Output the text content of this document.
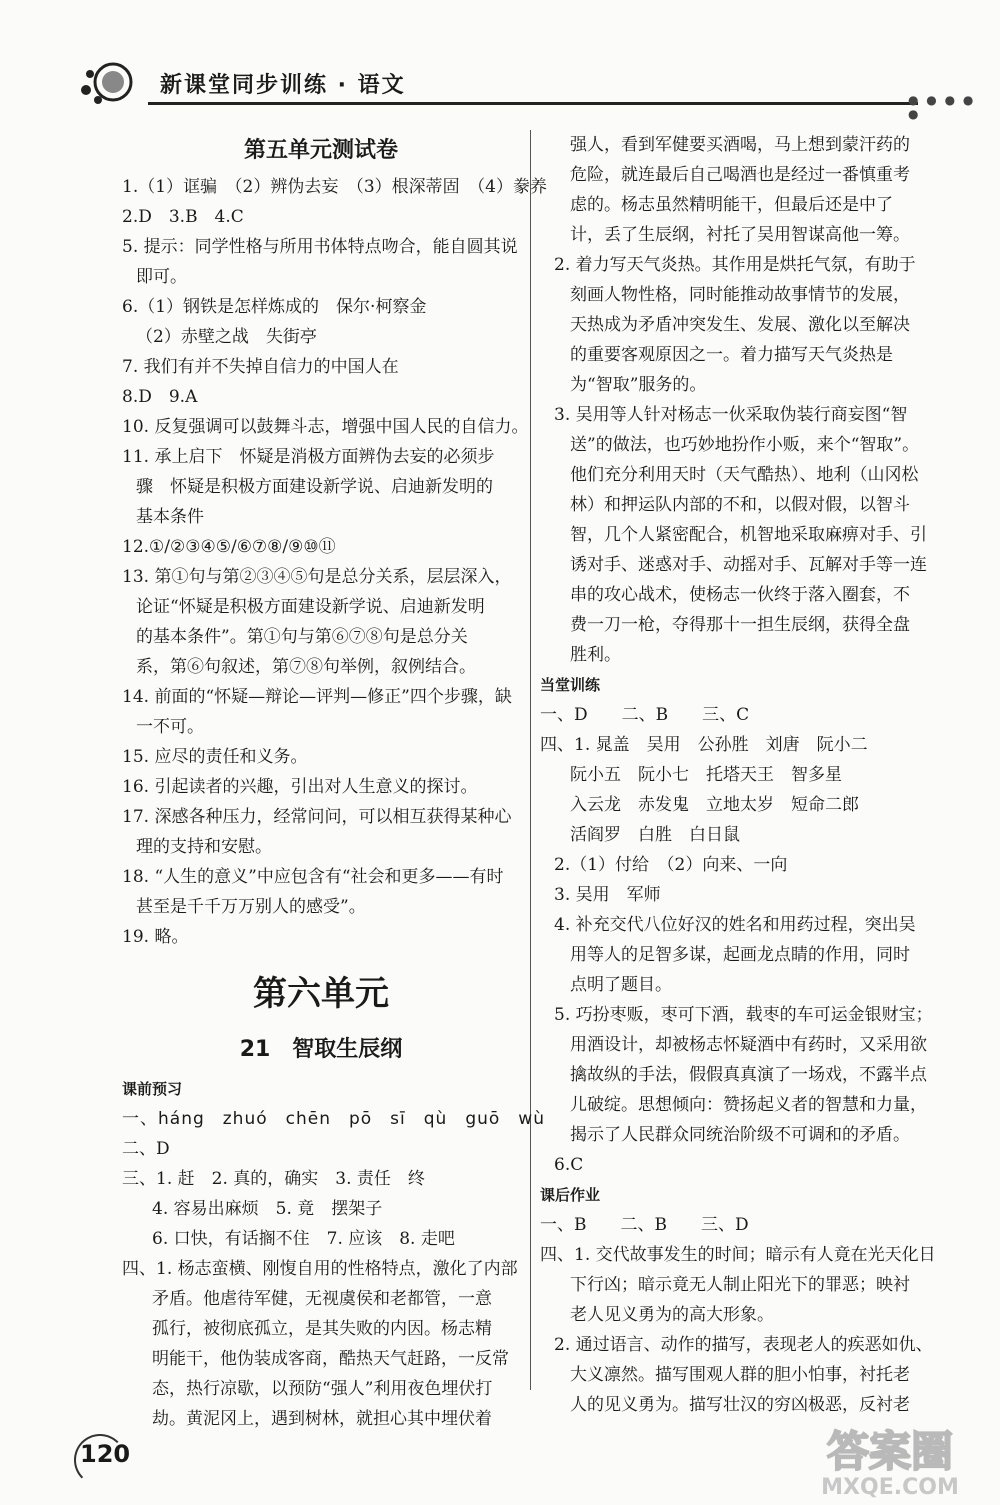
新课堂同步训练 · 语文
● ● ● ● ●
第五单元测试卷
1.（1）诓骗　（2）辨伪去妄　（3）根深蒂固　（4）豢养
2.D　3.B　4.C
5. 提示：同学性格与所用书体特点吻合，能自圆其说
即可。
6.（1）钢铁是怎样炼成的　保尔·柯察金
（2）赤壁之战　失街亭
7. 我们有并不失掉自信力的中国人在
8.D　9.A
10. 反复强调可以鼓舞斗志，增强中国人民的自信力。
11. 承上启下　怀疑是消极方面辨伪去妄的必须步
骤　怀疑是积极方面建设新学说、启迪新发明的
基本条件
12.①/②③④⑤/⑥⑦⑧/⑨⑩⑪
13. 第①句与第②③④⑤句是总分关系，层层深入，
论证“怀疑是积极方面建设新学说、启迪新发明
的基本条件”。第①句与第⑥⑦⑧句是总分关
系，第⑥句叙述，第⑦⑧句举例，叙例结合。
14. 前面的“怀疑—辩论—评判—修正”四个步骤，缺
一不可。
15. 应尽的责任和义务。
16. 引起读者的兴趣，引出对人生意义的探讨。
17. 深感各种压力，经常问问，可以相互获得某种心
理的支持和安慰。
18. “人生的意义”中应包含有“社会和更多——有时
甚至是千千万万别人的感受”。
19. 略。
第六单元
21　智取生辰纲
课前预习
一、háng　zhuó　chēn　pō　sī　qù　guō　wù
二、D
三、1. 赶　2. 真的，确实　3. 责任　终
4. 容易出麻烦　5. 竟　摆架子
6. 口快，有话搁不住　7. 应该　8. 走吧
四、1. 杨志蛮横、刚愎自用的性格特点，激化了内部
矛盾。他虐待军健，无视虞侯和老都管，一意
孤行，被彻底孤立，是其失败的内因。杨志精
明能干，他伪装成客商，酷热天气赶路，一反常
态，热行凉歇，以预防“强人”利用夜色埋伏打
劫。黄泥冈上，遇到树林，就担心其中埋伏着
强人，看到军健要买酒喝，马上想到蒙汗药的
危险，就连最后自己喝酒也是经过一番慎重考
虑的。杨志虽然精明能干，但最后还是中了
计，丢了生辰纲，衬托了吴用智谋高他一筹。
2. 着力写天气炎热。其作用是烘托气氛，有助于
刻画人物性格，同时能推动故事情节的发展，
天热成为矛盾冲突发生、发展、激化以至解决
的重要客观原因之一。着力描写天气炎热是
为“智取”服务的。
3. 吴用等人针对杨志一伙采取伪装行商妄图“智
送”的做法，也巧妙地扮作小贩，来个“智取”。
他们充分利用天时（天气酷热）、地利（山冈松
林）和押运队内部的不和，以假对假，以智斗
智，几个人紧密配合，机智地采取麻痹对手、引
诱对手、迷惑对手、动摇对手、瓦解对手等一连
串的攻心战术，使杨志一伙终于落入圈套，不
费一刀一枪，夺得那十一担生辰纲，获得全盘
胜利。
当堂训练
一、D　　二、B　　三、C
四、1. 晁盖　吴用　公孙胜　刘唐　阮小二
阮小五　阮小七　托塔天王　智多星
入云龙　赤发鬼　立地太岁　短命二郎
活阎罗　白胜　白日鼠
2.（1）付给　（2）向来、一向
3. 吴用　军师
4. 补充交代八位好汉的姓名和用药过程，突出吴
用等人的足智多谋，起画龙点睛的作用，同时
点明了题目。
5. 巧扮枣贩，枣可下酒，载枣的车可运金银财宝；
用酒设计，却被杨志怀疑酒中有药时，又采用欲
擒故纵的手法，假假真真演了一场戏，不露半点
儿破绽。思想倾向：赞扬起义者的智慧和力量，
揭示了人民群众同统治阶级不可调和的矛盾。
6.C
课后作业
一、B　　二、B　　三、D
四、1. 交代故事发生的时间；暗示有人竟在光天化日
下行凶；暗示竟无人制止阳光下的罪恶；映衬
老人见义勇为的高大形象。
2. 通过语言、动作的描写，表现老人的疾恶如仇、
大义凛然。描写围观人群的胆小怕事，衬托老
人的见义勇为。描写壮汉的穷凶极恶，反衬老
120	答案圈
MXQE.COM
